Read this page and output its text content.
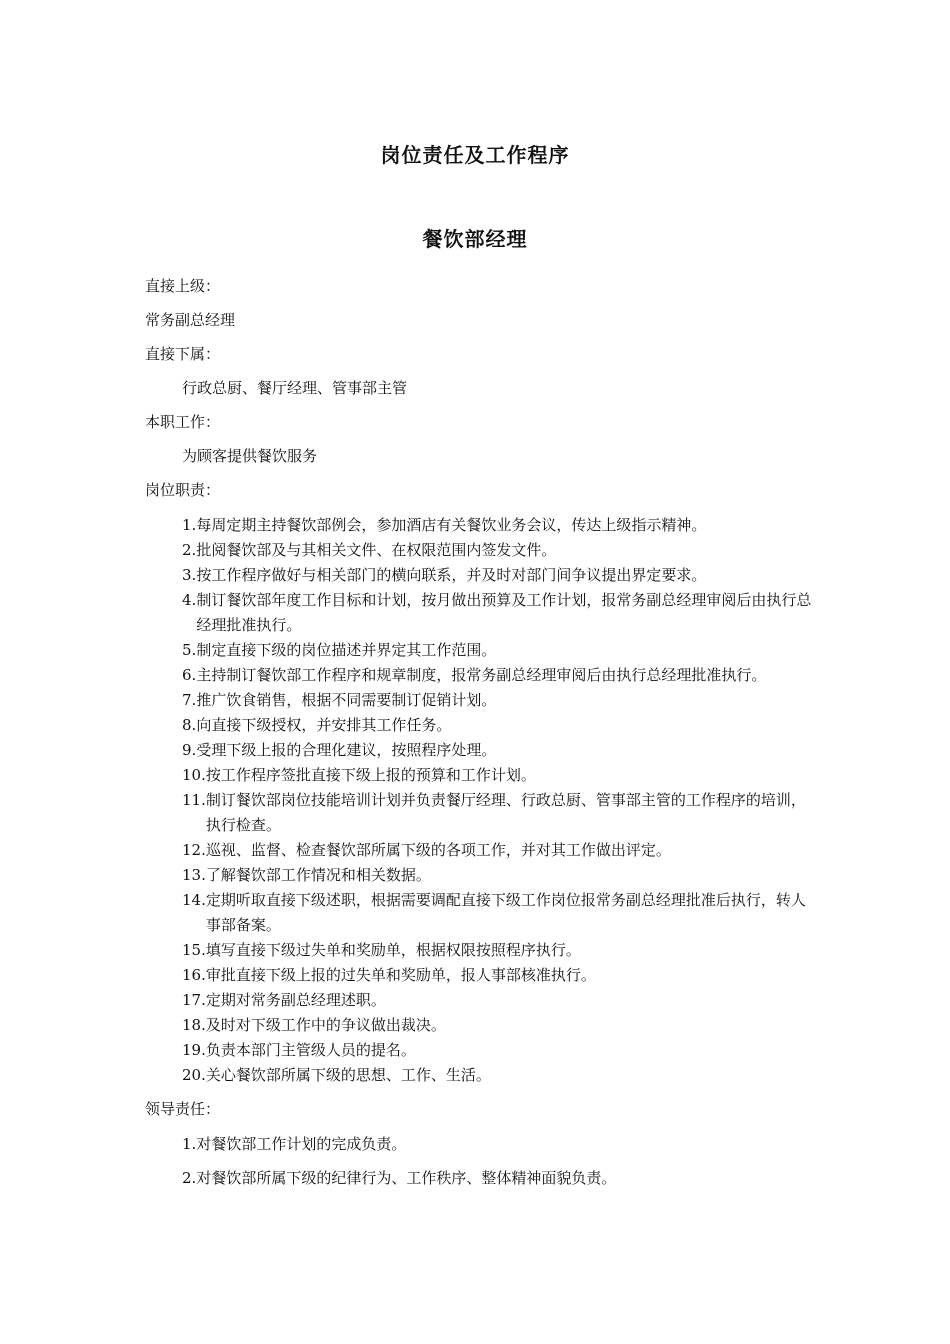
岗位责任及工作程序
餐饮部经理

直接上级：

常务副总经理

直接下属：

行政总厨、餐厅经理、管事部主管

本职工作：

为顾客提供餐饮服务

岗位职责：

1. 每周定期主持餐饮部例会，参加酒店有关餐饮业务会议，传达上级指示精神。
2. 批阅餐饮部及与其相关文件、在权限范围内签发文件。
3. 按工作程序做好与相关部门的横向联系，并及时对部门间争议提出界定要求。
4. 制订餐饮部年度工作目标和计划，按月做出预算及工作计划，报常务副总经理审阅后由执行总经理批准执行。
5. 制定直接下级的岗位描述并界定其工作范围。
6. 主持制订餐饮部工作程序和规章制度，报常务副总经理审阅后由执行总经理批准执行。
7. 推广饮食销售，根据不同需要制订促销计划。
8. 向直接下级授权，并安排其工作任务。
9. 受理下级上报的合理化建议，按照程序处理。
10. 按工作程序签批直接下级上报的预算和工作计划。
11. 制订餐饮部岗位技能培训计划并负责餐厅经理、行政总厨、管事部主管的工作程序的培训，执行检查。
12. 巡视、监督、检查餐饮部所属下级的各项工作，并对其工作做出评定。
13. 了解餐饮部工作情况和相关数据。
14. 定期听取直接下级述职，根据需要调配直接下级工作岗位报常务副总经理批准后执行，转人事部备案。
15. 填写直接下级过失单和奖励单，根据权限按照程序执行。
16. 审批直接下级上报的过失单和奖励单，报人事部核准执行。
17. 定期对常务副总经理述职。
18. 及时对下级工作中的争议做出裁决。
19. 负责本部门主管级人员的提名。
20. 关心餐饮部所属下级的思想、工作、生活。

领导责任：

1. 对餐饮部工作计划的完成负责。
2. 对餐饮部所属下级的纪律行为、工作秩序、整体精神面貌负责。
